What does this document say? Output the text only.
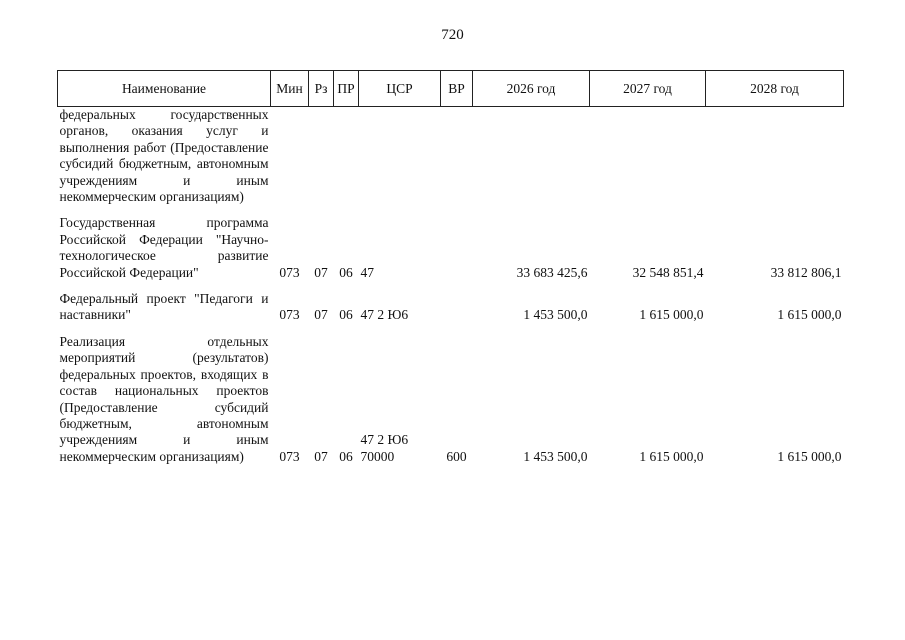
720
Наименование	Мин	Рз	ПР	ЦСР	ВР	2026 год	2027 год	2028 год
федеральных государственных органов, оказания услуг и выполнения работ (Предоставление субсидий бюджетным, автономным учреждениям и иным некоммерческим организациям)								
Государственная программа Российской Федерации "Научно-технологическое развитие Российской Федерации"	073	07	06	47		33 683 425,6	32 548 851,4	33 812 806,1
Федеральный проект "Педагоги и наставники"	073	07	06	47 2 Ю6		1 453 500,0	1 615 000,0	1 615 000,0
Реализация отдельных мероприятий (результатов) федеральных проектов, входящих в состав национальных проектов (Предоставление субсидий бюджетным, автономным учреждениям и иным некоммерческим организациям)	073	07	06	47 2 Ю6 70000	600	1 453 500,0	1 615 000,0	1 615 000,0
